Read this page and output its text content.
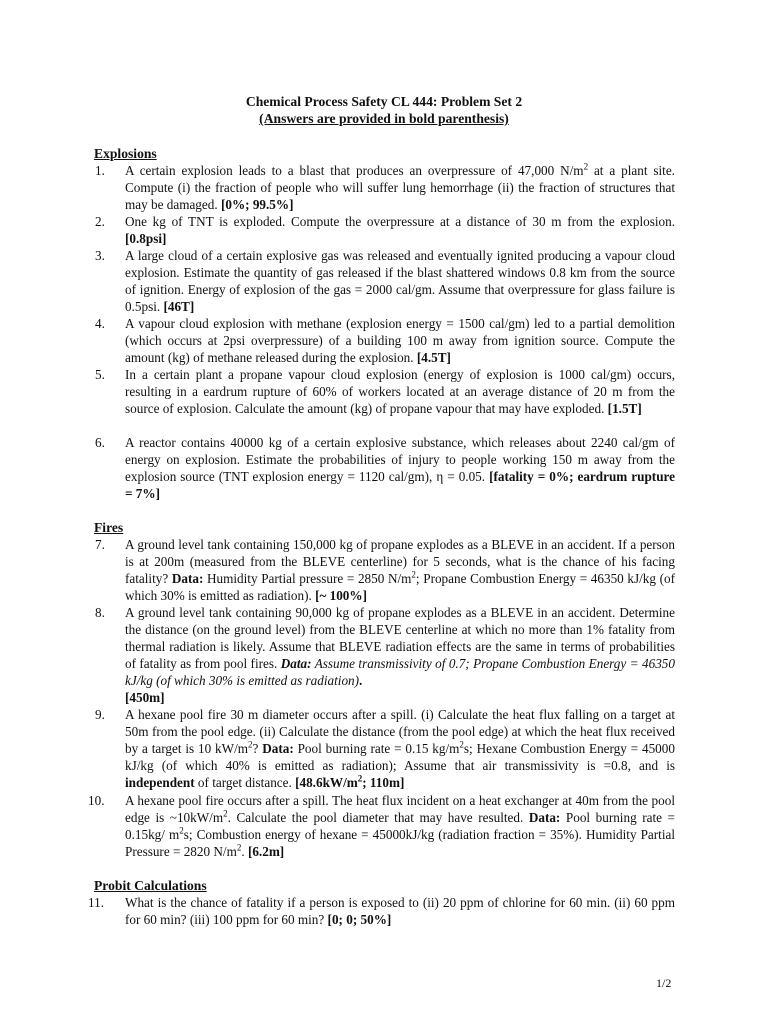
Chemical Process Safety CL 444: Problem Set 2
(Answers are provided in bold parenthesis)
Explosions
1. A certain explosion leads to a blast that produces an overpressure of 47,000 $N/m^2$ at a plant site. Compute (i) the fraction of people who will suffer lung hemorrhage (ii) the fraction of structures that may be damaged. [0%; 99.5%]
2. One kg of TNT is exploded. Compute the overpressure at a distance of 30 m from the explosion. [0.8psi]
3. A large cloud of a certain explosive gas was released and eventually ignited producing a vapour cloud explosion. Estimate the quantity of gas released if the blast shattered windows 0.8 km from the source of ignition. Energy of explosion of the gas = 2000 cal/gm. Assume that overpressure for glass failure is 0.5psi. [46T]
4. A vapour cloud explosion with methane (explosion energy = 1500 cal/gm) led to a partial demolition (which occurs at 2psi overpressure) of a building 100 m away from ignition source. Compute the amount (kg) of methane released during the explosion. [4.5T]
5. In a certain plant a propane vapour cloud explosion (energy of explosion is 1000 cal/gm) occurs, resulting in a eardrum rupture of 60% of workers located at an average distance of 20 m from the source of explosion. Calculate the amount (kg) of propane vapour that may have exploded. [1.5T]
6. A reactor contains 40000 kg of a certain explosive substance, which releases about 2240 cal/gm of energy on explosion. Estimate the probabilities of injury to people working 150 m away from the explosion source (TNT explosion energy = 1120 cal/gm), η = 0.05. [fatality = 0%; eardrum rupture = 7%]
Fires
7. A ground level tank containing 150,000 kg of propane explodes as a BLEVE in an accident. If a person is at 200m (measured from the BLEVE centerline) for 5 seconds, what is the chance of his facing fatality? Data: Humidity Partial pressure = 2850 $N/m^2$; Propane Combustion Energy = 46350 kJ/kg (of which 30% is emitted as radiation). [~ 100%]
8. A ground level tank containing 90,000 kg of propane explodes as a BLEVE in an accident. Determine the distance (on the ground level) from the BLEVE centerline at which no more than 1% fatality from thermal radiation is likely. Assume that BLEVE radiation effects are the same in terms of probabilities of fatality as from pool fires. Data: Assume transmissivity of 0.7; Propane Combustion Energy = 46350 kJ/kg (of which 30% is emitted as radiation).
[450m]
9. A hexane pool fire 30 m diameter occurs after a spill. (i) Calculate the heat flux falling on a target at 50m from the pool edge. (ii) Calculate the distance (from the pool edge) at which the heat flux received by a target is 10 $kW/m^2$? Data: Pool burning rate = 0.15 $kg/m^2s$; Hexane Combustion Energy = 45000 kJ/kg (of which 40% is emitted as radiation); Assume that air transmissivity is =0.8, and is independent of target distance. [$48.6kW/m^2$; 110m]
10. A hexane pool fire occurs after a spill. The heat flux incident on a heat exchanger at 40m from the pool edge is $\sim 10kW/m^2$. Calculate the pool diameter that may have resulted. Data: Pool burning rate = 0.15kg/ $m^2s$; Combustion energy of hexane = 45000kJ/kg (radiation fraction = 35%). Humidity Partial Pressure = 2820 $N/m^2$. [6.2m]
Probit Calculations
11.	What is the chance of fatality if a person is exposed to (ii) 20 ppm of chlorine for 60 min. (ii) 60 ppm for 60 min? (iii) 100 ppm for 60 min? [0; 0; 50%]
1/2
